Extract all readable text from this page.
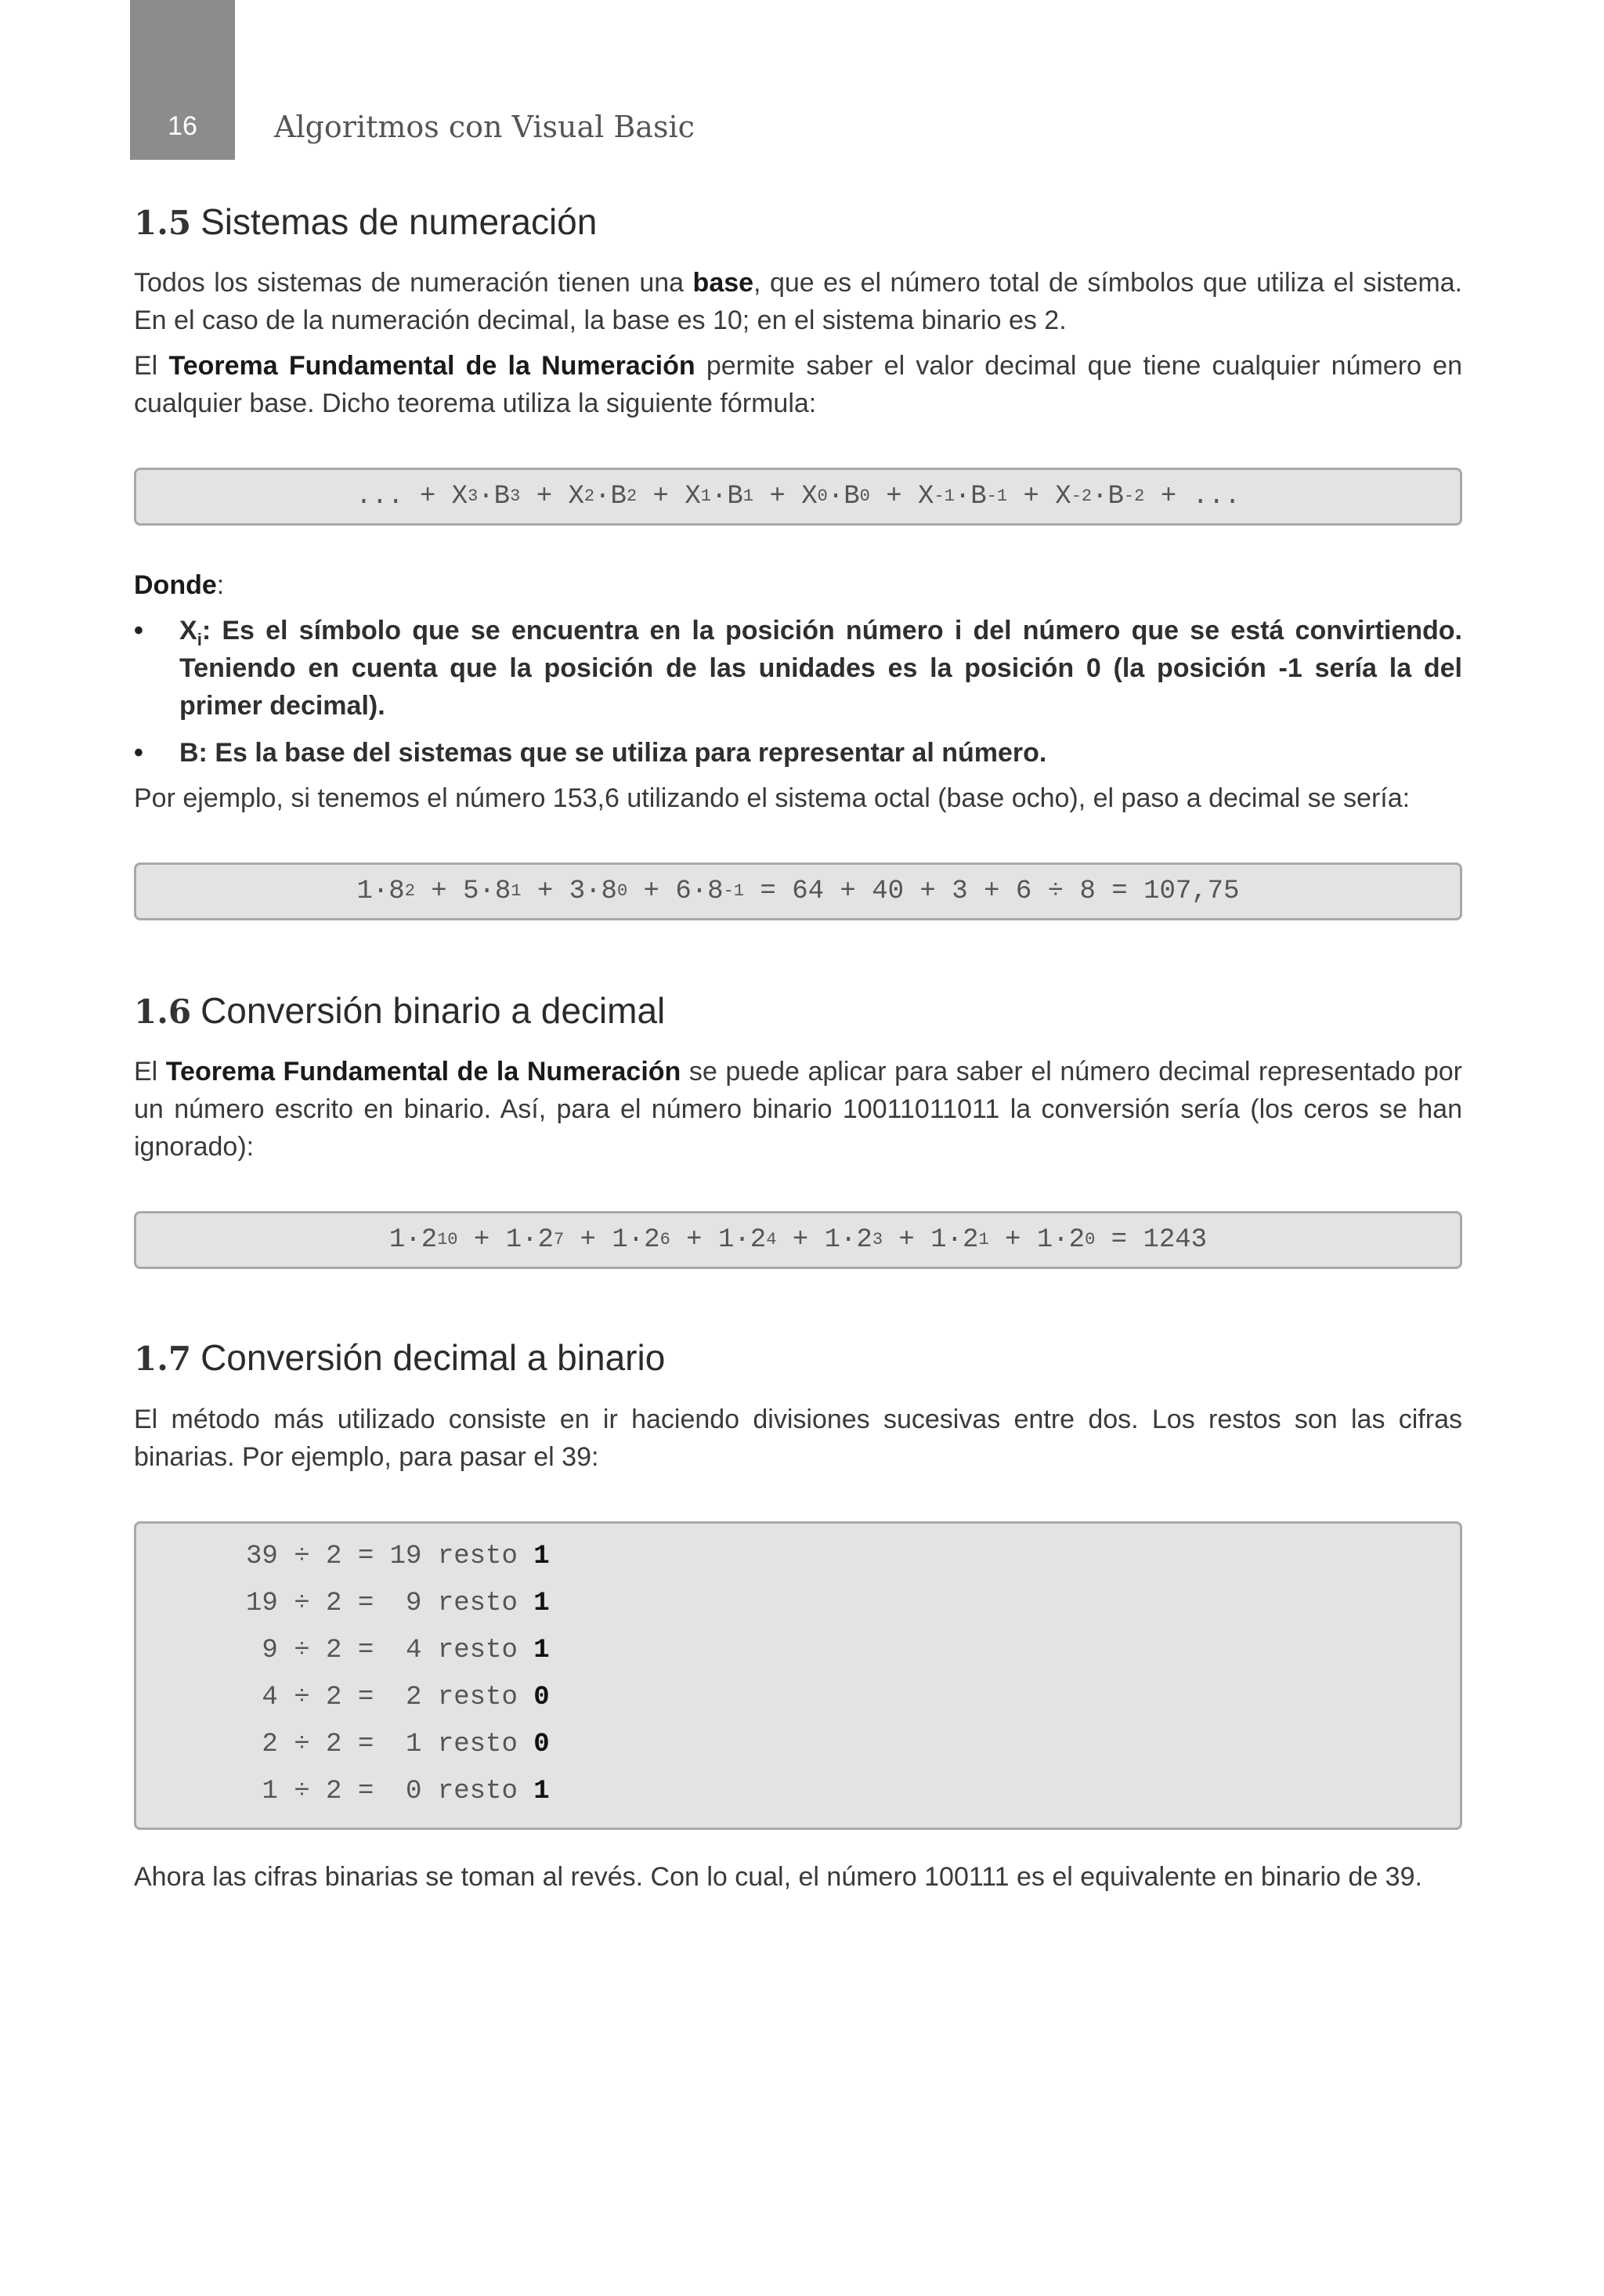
16	Algoritmos con Visual Basic
1.5 Sistemas de numeración

Todos los sistemas de numeración tienen una base, que es el número total de símbolos que utiliza el sistema. En el caso de la numeración decimal, la base es 10; en el sistema binario es 2.

El Teorema Fundamental de la Numeración permite saber el valor decimal que tiene cualquier número en cualquier base. Dicho teorema utiliza la siguiente fórmula:

... + X 3 ·B 3 + X 2 ·B 2 + X 1 ·B 1 + X 0 ·B 0 + X -1 ·B -1 + X -2 ·B -2 + ...
Donde:
• $X_i$: Es el símbolo que se encuentra en la posición número i del número que se está convirtiendo. Teniendo en cuenta que la posición de las unidades es la posición 0 (la posición -1 sería la del primer decimal).
• B: Es la base del sistemas que se utiliza para representar al número.

Por ejemplo, si tenemos el número 153,6 utilizando el sistema octal (base ocho), el paso a decimal se sería:

1·8 2 + 5·8 1 + 3·8 0 + 6·8 -1 = 64 + 40 + 3 + 6 ÷ 8 = 107,75
1.6 Conversión binario a decimal

El Teorema Fundamental de la Numeración se puede aplicar para saber el número decimal representado por un número escrito en binario. Así, para el número binario 10011011011 la conversión sería (los ceros se han ignorado):

1·2 10 + 1·2 7 + 1·2 6 + 1·2 4 + 1·2 3 + 1·2 1 + 1·2 0 = 1243
1.7 Conversión decimal a binario

El método más utilizado consiste en ir haciendo divisiones sucesivas entre dos. Los restos son las cifras binarias. Por ejemplo, para pasar el 39:

39 ÷ 2 = 19 resto 1
19 ÷ 2 =  9 resto 1
9 ÷ 2 =  4 resto 1
4 ÷ 2 =  2 resto 0
2 ÷ 2 =  1 resto 0
1 ÷ 2 =  0 resto 1

Ahora las cifras binarias se toman al revés. Con lo cual, el número 100111 es el equivalente en binario de 39.
